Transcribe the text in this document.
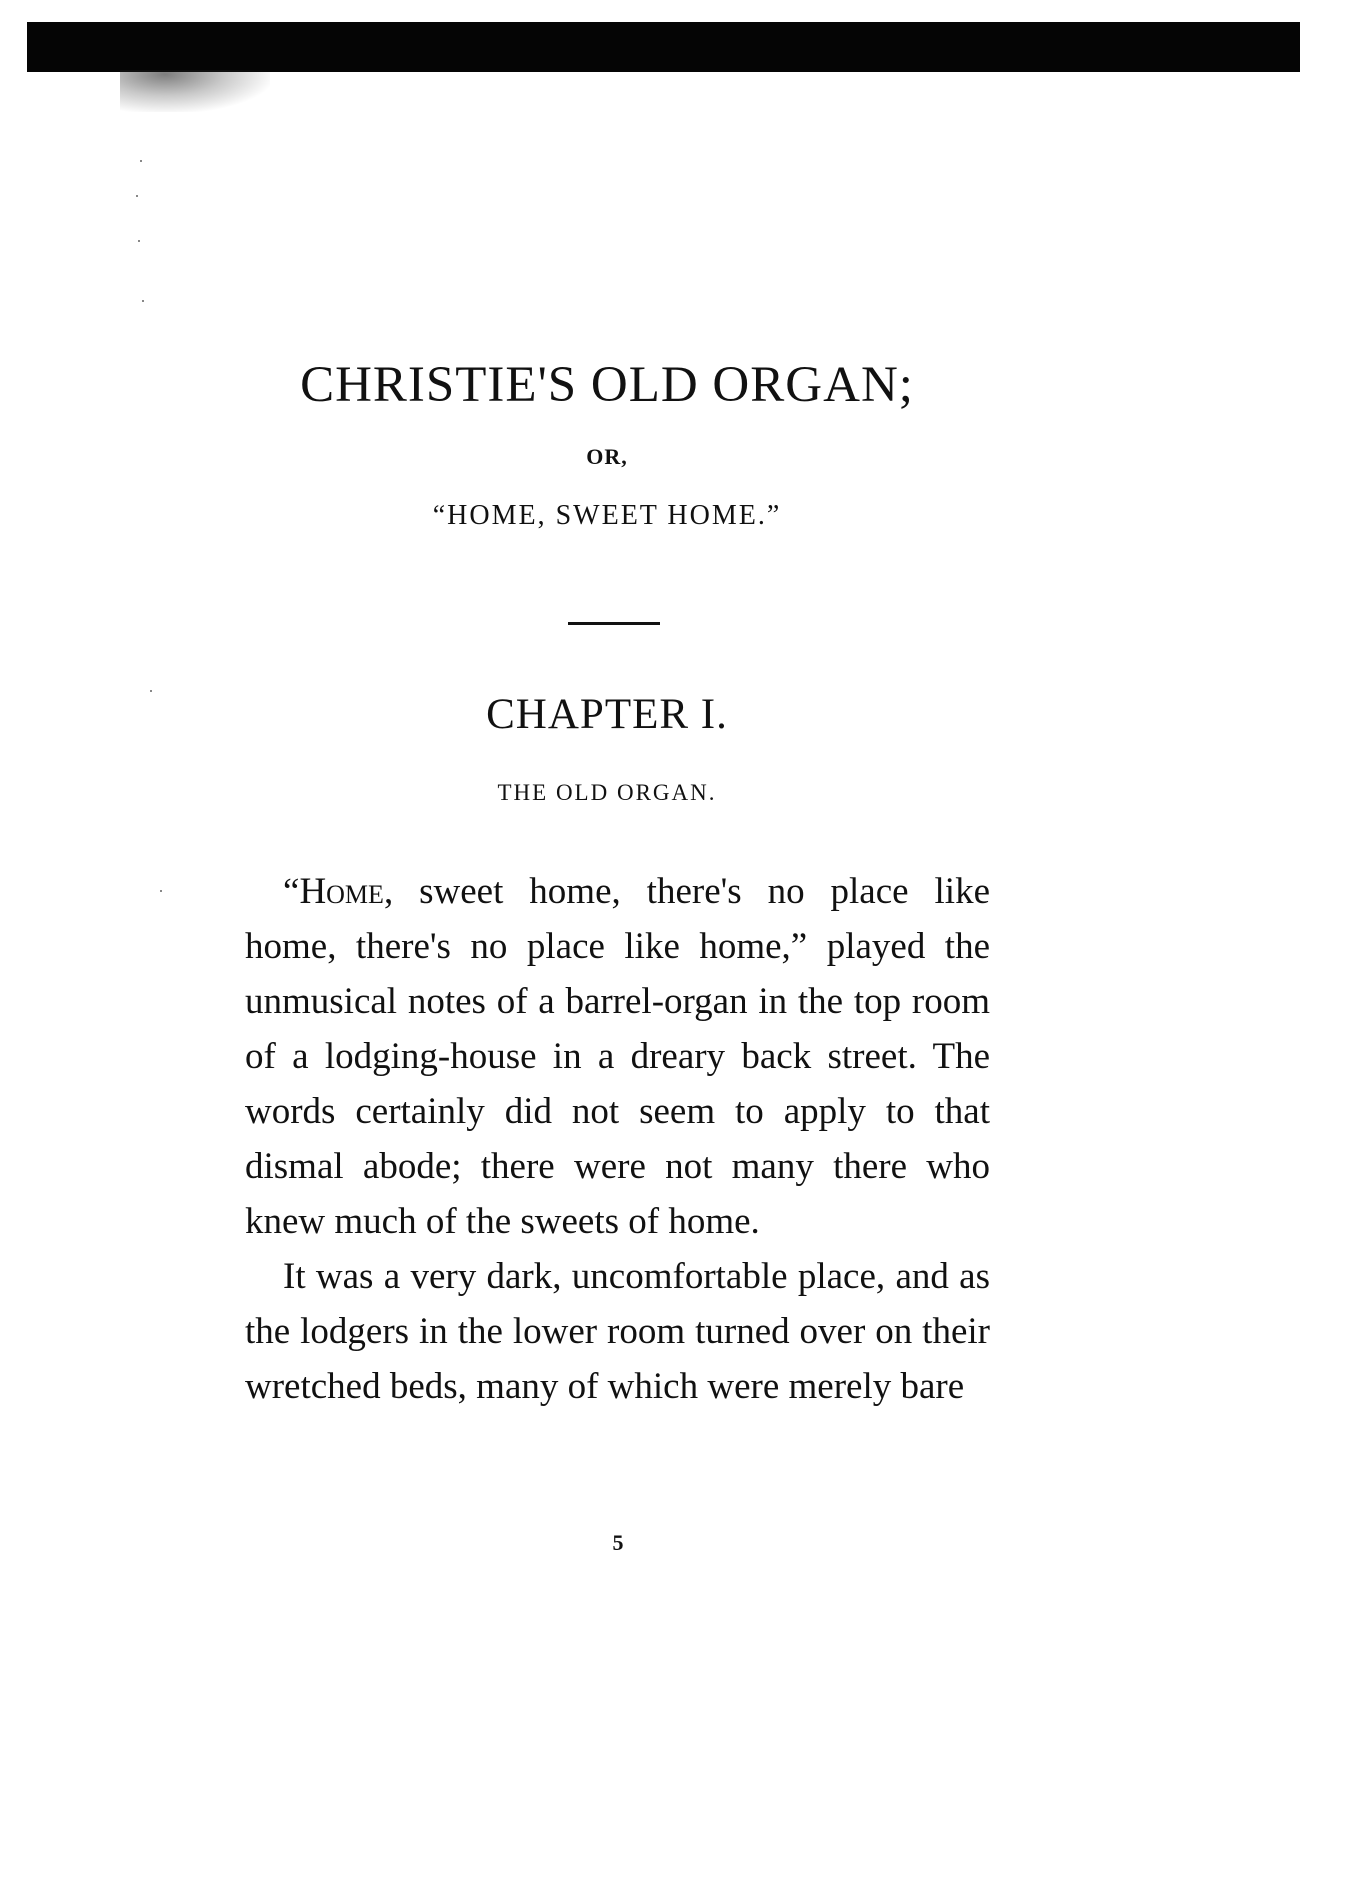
CHRISTIE'S OLD ORGAN;
OR,
“HOME, SWEET HOME.”
CHAPTER I.
THE OLD ORGAN.

“Home, sweet home, there's no place like home, there's no place like home,” played the unmusical notes of a barrel-organ in the top room of a lodging-house in a dreary back street. The words certainly did not seem to apply to that dismal abode; there were not many there who knew much of the sweets of home.

It was a very dark, uncomfortable place, and as the lodgers in the lower room turned over on their wretched beds, many of which were merely bare

5
